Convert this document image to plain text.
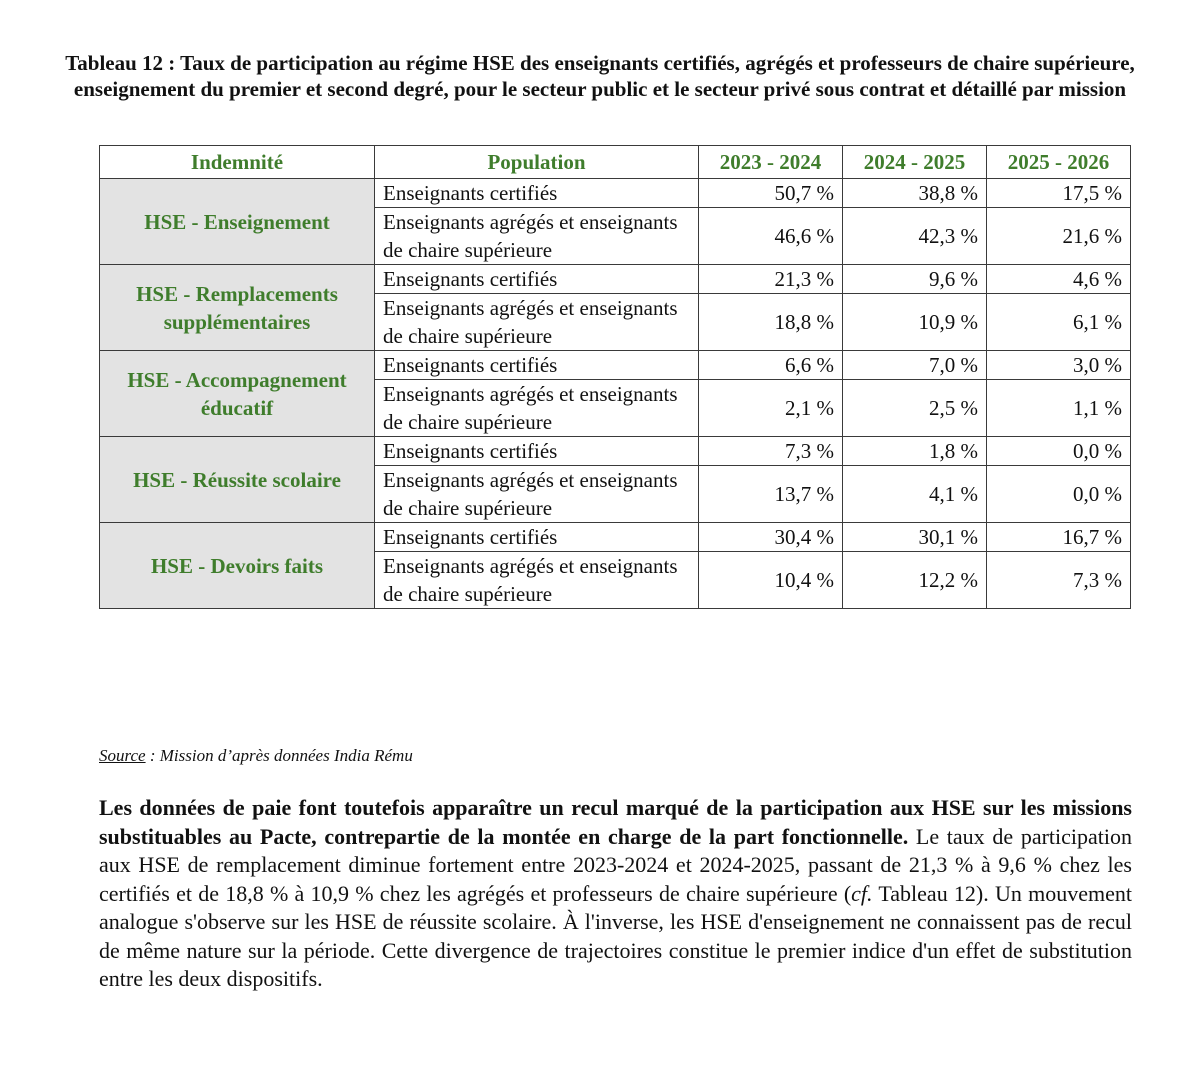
Tableau 12 : Taux de participation au régime HSE des enseignants certifiés, agrégés et professeurs de chaire supérieure, enseignement du premier et second degré, pour le secteur public et le secteur privé sous contrat et détaillé par mission
Indemnité	Population	2023 - 2024	2024 - 2025	2025 - 2026
HSE - Enseignement	Enseignants certifiés	50,7 %	38,8 %	17,5 %
	Enseignants agrégés et enseignants de chaire supérieure	46,6 %	42,3 %	21,6 %
HSE - Remplacements supplémentaires	Enseignants certifiés	21,3 %	9,6 %	4,6 %
	Enseignants agrégés et enseignants de chaire supérieure	18,8 %	10,9 %	6,1 %
HSE - Accompagnement éducatif	Enseignants certifiés	6,6 %	7,0 %	3,0 %
	Enseignants agrégés et enseignants de chaire supérieure	2,1 %	2,5 %	1,1 %
HSE - Réussite scolaire	Enseignants certifiés	7,3 %	1,8 %	0,0 %
	Enseignants agrégés et enseignants de chaire supérieure	13,7 %	4,1 %	0,0 %
HSE - Devoirs faits	Enseignants certifiés	30,4 %	30,1 %	16,7 %
	Enseignants agrégés et enseignants de chaire supérieure	10,4 %	12,2 %	7,3 %
Source : Mission d’après données India Rému
Les données de paie font toutefois apparaître un recul marqué de la participation aux HSE sur les missions substituables au Pacte, contrepartie de la montée en charge de la part fonctionnelle. Le taux de participation aux HSE de remplacement diminue fortement entre 2023-2024 et 2024-2025, passant de 21,3 % à 9,6 % chez les certifiés et de 18,8 % à 10,9 % chez les agrégés et professeurs de chaire supérieure (cf. Tableau 12). Un mouvement analogue s'observe sur les HSE de réussite scolaire. À l'inverse, les HSE d'enseignement ne connaissent pas de recul de même nature sur la période. Cette divergence de trajectoires constitue le premier indice d'un effet de substitution entre les deux dispositifs.
